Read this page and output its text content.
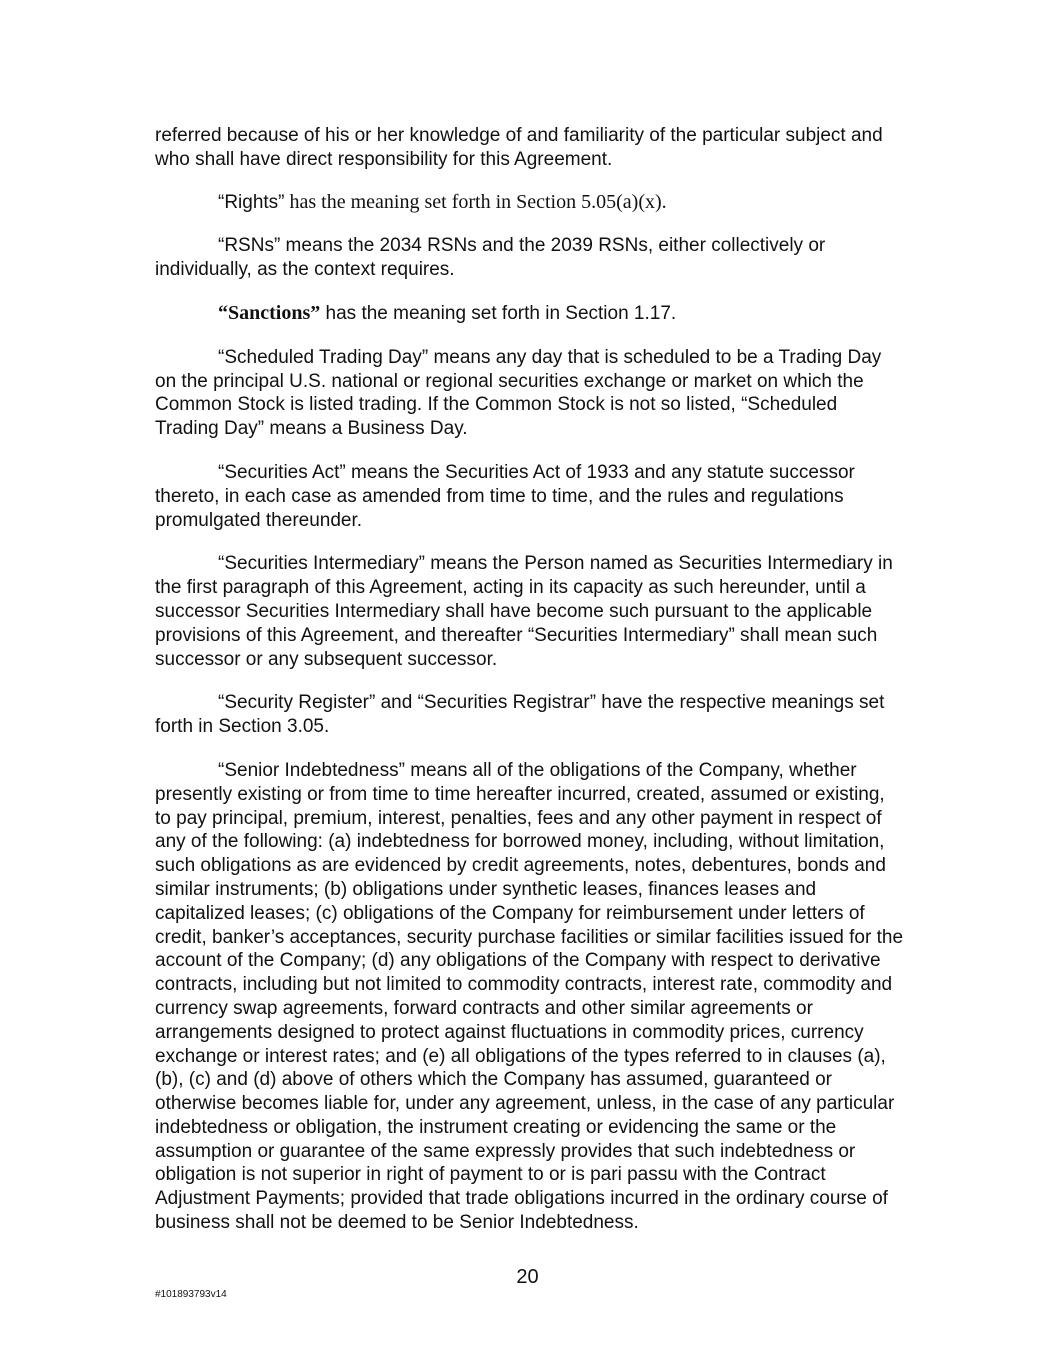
referred because of his or her knowledge of and familiarity of the particular subject and who shall have direct responsibility for this Agreement.

“Rights” has the meaning set forth in Section 5.05(a)(x).

“RSNs” means the 2034 RSNs and the 2039 RSNs, either collectively or individually, as the context requires.

“Sanctions” has the meaning set forth in Section 1.17.

“Scheduled Trading Day” means any day that is scheduled to be a Trading Day on the principal U.S. national or regional securities exchange or market on which the Common Stock is listed trading. If the Common Stock is not so listed, “Scheduled Trading Day” means a Business Day.

“Securities Act” means the Securities Act of 1933 and any statute successor thereto, in each case as amended from time to time, and the rules and regulations promulgated thereunder.

“Securities Intermediary” means the Person named as Securities Intermediary in the first paragraph of this Agreement, acting in its capacity as such hereunder, until a successor Securities Intermediary shall have become such pursuant to the applicable provisions of this Agreement, and thereafter “Securities Intermediary” shall mean such successor or any subsequent successor.

“Security Register” and “Securities Registrar” have the respective meanings set forth in Section 3.05.

“Senior Indebtedness” means all of the obligations of the Company, whether presently existing or from time to time hereafter incurred, created, assumed or existing, to pay principal, premium, interest, penalties, fees and any other payment in respect of any of the following: (a) indebtedness for borrowed money, including, without limitation, such obligations as are evidenced by credit agreements, notes, debentures, bonds and similar instruments; (b) obligations under synthetic leases, finances leases and capitalized leases; (c) obligations of the Company for reimbursement under letters of credit, banker’s acceptances, security purchase facilities or similar facilities issued for the account of the Company; (d) any obligations of the Company with respect to derivative contracts, including but not limited to commodity contracts, interest rate, commodity and currency swap agreements, forward contracts and other similar agreements or arrangements designed to protect against fluctuations in commodity prices, currency exchange or interest rates; and (e) all obligations of the types referred to in clauses (a), (b), (c) and (d) above of others which the Company has assumed, guaranteed or otherwise becomes liable for, under any agreement, unless, in the case of any particular indebtedness or obligation, the instrument creating or evidencing the same or the assumption or guarantee of the same expressly provides that such indebtedness or obligation is not superior in right of payment to or is pari passu with the Contract Adjustment Payments; provided that trade obligations incurred in the ordinary course of business shall not be deemed to be Senior Indebtedness.

20
#101893793v14
